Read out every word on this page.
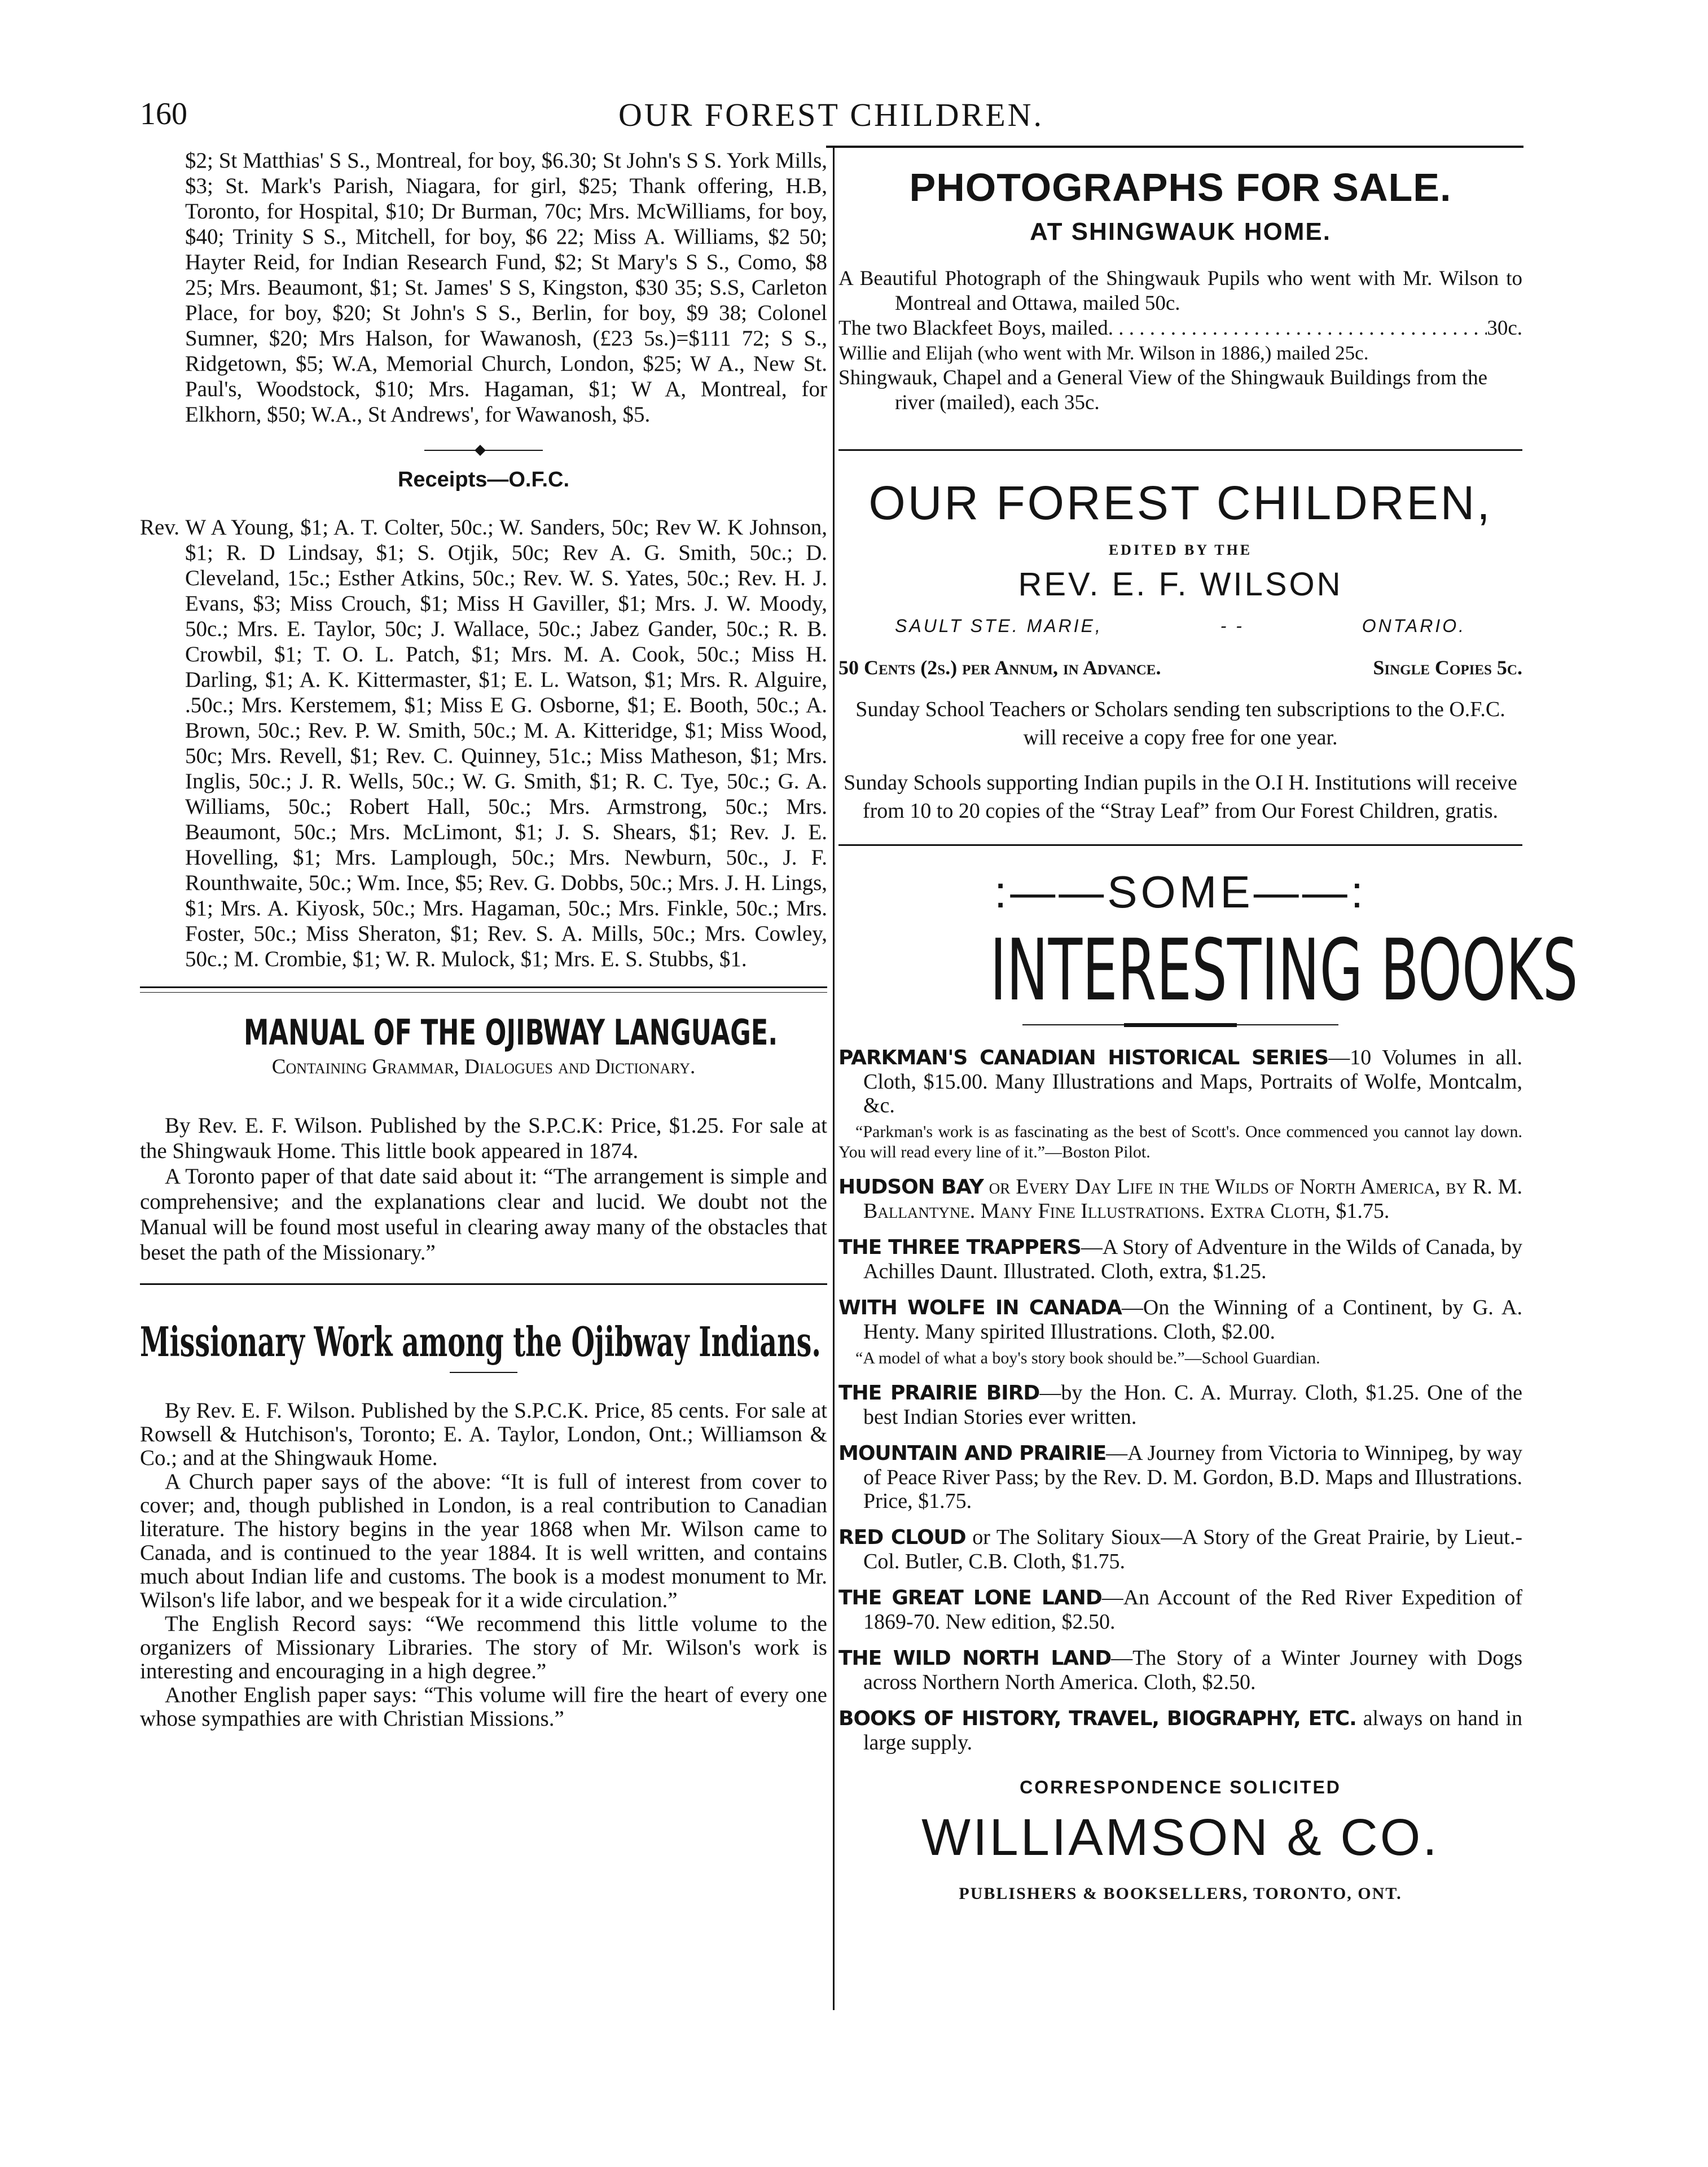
160	OUR FOREST CHILDREN.

$2; St Matthias' S S., Montreal, for boy, $6.30; St John's S S. York Mills, $3; St. Mark's Parish, Niagara, for girl, $25; Thank offering, H.B, Toronto, for Hospital, $10; Dr Burman, 70c; Mrs. McWilliams, for boy, $40; Trinity S S., Mitchell, for boy, $6 22; Miss A. Williams, $2 50; Hayter Reid, for Indian Research Fund, $2; St Mary's S S., Como, $8 25; Mrs. Beaumont, $1; St. James' S S, Kingston, $30 35; S.S, Carleton Place, for boy, $20; St John's S S., Berlin, for boy, $9 38; Colonel Sumner, $20; Mrs Halson, for Wawanosh, (£23 5s.)=$111 72; S S., Ridgetown, $5; W.A, Memorial Church, London, $25; W A., New St. Paul's, Woodstock, $10; Mrs. Hagaman, $1; W A, Montreal, for Elkhorn, $50; W.A., St Andrews', for Wawanosh, $5.

Receipts—O.F.C.

Rev. W A Young, $1; A. T. Colter, 50c.; W. Sanders, 50c; Rev W. K Johnson, $1; R. D Lindsay, $1; S. Otjik, 50c; Rev A. G. Smith, 50c.; D. Cleveland, 15c.; Esther Atkins, 50c.; Rev. W. S. Yates, 50c.; Rev. H. J. Evans, $3; Miss Crouch, $1; Miss H Gaviller, $1; Mrs. J. W. Moody, 50c.; Mrs. E. Taylor, 50c; J. Wallace, 50c.; Jabez Gander, 50c.; R. B. Crowbil, $1; T. O. L. Patch, $1; Mrs. M. A. Cook, 50c.; Miss H. Darling, $1; A. K. Kittermaster, $1; E. L. Watson, $1; Mrs. R. Alguire, .50c.; Mrs. Kerstemem, $1; Miss E G. Osborne, $1; E. Booth, 50c.; A. Brown, 50c.; Rev. P. W. Smith, 50c.; M. A. Kitteridge, $1; Miss Wood, 50c; Mrs. Revell, $1; Rev. C. Quinney, 51c.; Miss Matheson, $1; Mrs. Inglis, 50c.; J. R. Wells, 50c.; W. G. Smith, $1; R. C. Tye, 50c.; G. A. Williams, 50c.; Robert Hall, 50c.; Mrs. Armstrong, 50c.; Mrs. Beaumont, 50c.; Mrs. McLimont, $1; J. S. Shears, $1; Rev. J. E. Hovelling, $1; Mrs. Lamplough, 50c.; Mrs. Newburn, 50c., J. F. Rounthwaite, 50c.; Wm. Ince, $5; Rev. G. Dobbs, 50c.; Mrs. J. H. Lings, $1; Mrs. A. Kiyosk, 50c.; Mrs. Hagaman, 50c.; Mrs. Finkle, 50c.; Mrs. Foster, 50c.; Miss Sheraton, $1; Rev. S. A. Mills, 50c.; Mrs. Cowley, 50c.; M. Crombie, $1; W. R. Mulock, $1; Mrs. E. S. Stubbs, $1.

MANUAL OF THE OJIBWAY LANGUAGE.
Containing Grammar, Dialogues and Dictionary.

By Rev. E. F. Wilson. Published by the S.P.C.K: Price, $1.25. For sale at the Shingwauk Home. This little book appeared in 1874.

A Toronto paper of that date said about it: “The arrangement is simple and comprehensive; and the explanations clear and lucid. We doubt not the Manual will be found most useful in clearing away many of the obstacles that beset the path of the Missionary.”

Missionary Work among the Ojibway Indians.

By Rev. E. F. Wilson. Published by the S.P.C.K. Price, 85 cents. For sale at Rowsell & Hutchison's, Toronto; E. A. Taylor, London, Ont.; Williamson & Co.; and at the Shingwauk Home.

A Church paper says of the above: “It is full of interest from cover to cover; and, though published in London, is a real contribution to Canadian literature. The history begins in the year 1868 when Mr. Wilson came to Canada, and is continued to the year 1884. It is well written, and contains much about Indian life and customs. The book is a modest monument to Mr. Wilson's life labor, and we bespeak for it a wide circulation.”

The English Record says: “We recommend this little volume to the organizers of Missionary Libraries. The story of Mr. Wilson's work is interesting and encouraging in a high degree.”

Another English paper says: “This volume will fire the heart of every one whose sympathies are with Christian Missions.”

PHOTOGRAPHS FOR SALE.
AT SHINGWAUK HOME.
A Beautiful Photograph of the Shingwauk Pupils who went with Mr. Wilson to Montreal and Ottawa, mailed 50c.
The two Blackfeet Boys, mailed
. . .	30c.
Willie and Elijah (who went with Mr. Wilson in 1886,) mailed 25c.
Shingwauk, Chapel and a General View of the Shingwauk Buildings from the river (mailed), each 35c.
OUR FOREST CHILDREN,
EDITED BY THE
REV. E. F. WILSON
SAULT STE. MARIE,	- -	ONTARIO.
50 Cents (2s.) per Annum, in Advance.	Single Copies 5c.

Sunday School Teachers or Scholars sending ten subscriptions to the O.F.C. will receive a copy free for one year.

Sunday Schools supporting Indian pupils in the O.I H. Institutions will receive from 10 to 20 copies of the “Stray Leaf” from Our Forest Children, gratis.

:——SOME——:
INTERESTING BOOKS
PARKMAN'S CANADIAN HISTORICAL SERIES—10 Volumes in all. Cloth, $15.00. Many Illustrations and Maps, Portraits of Wolfe, Montcalm, &c.

“Parkman's work is as fascinating as the best of Scott's. Once commenced you cannot lay down. You will read every line of it.”—Boston Pilot.

HUDSON BAY or Every Day Life in the Wilds of North America, by R. M. Ballantyne. Many Fine Illustrations. Extra Cloth, $1.75.
THE THREE TRAPPERS—A Story of Adventure in the Wilds of Canada, by Achilles Daunt. Illustrated. Cloth, extra, $1.25.
WITH WOLFE IN CANADA—On the Winning of a Continent, by G. A. Henty. Many spirited Illustrations. Cloth, $2.00.

“A model of what a boy's story book should be.”—School Guardian.

THE PRAIRIE BIRD—by the Hon. C. A. Murray. Cloth, $1.25. One of the best Indian Stories ever written.
MOUNTAIN AND PRAIRIE—A Journey from Victoria to Winnipeg, by way of Peace River Pass; by the Rev. D. M. Gordon, B.D. Maps and Illustrations. Price, $1.75.
RED CLOUD or The Solitary Sioux—A Story of the Great Prairie, by Lieut.-Col. Butler, C.B. Cloth, $1.75.
THE GREAT LONE LAND—An Account of the Red River Expedition of 1869-70. New edition, $2.50.
THE WILD NORTH LAND—The Story of a Winter Journey with Dogs across Northern North America. Cloth, $2.50.
BOOKS OF HISTORY, TRAVEL, BIOGRAPHY, ETC. always on hand in large supply.
CORRESPONDENCE SOLICITED
WILLIAMSON & CO.
PUBLISHERS & BOOKSELLERS, TORONTO, ONT.
